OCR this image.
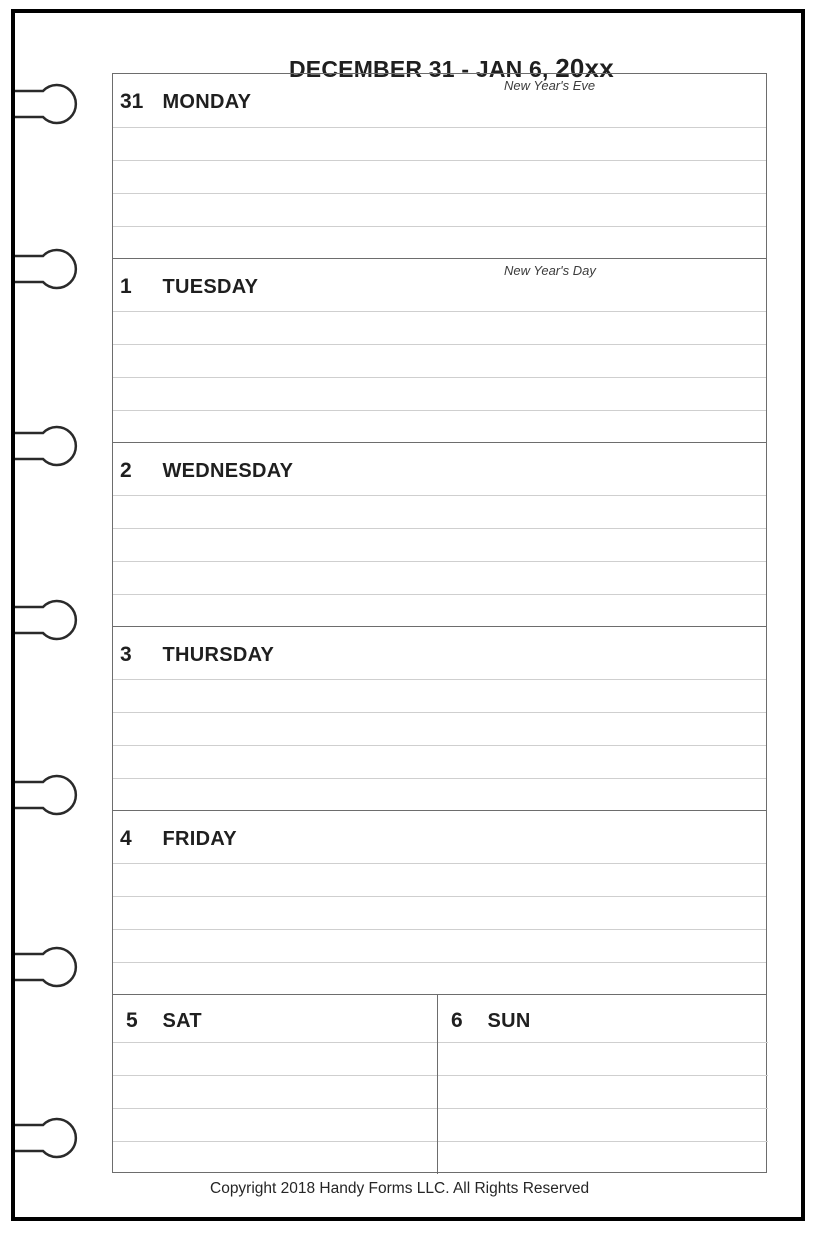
DECEMBER 31 - JAN 6, 20xx
31 MONDAY
New Year's Eve
1 TUESDAY
New Year's Day
2 WEDNESDAY
3 THURSDAY
4 FRIDAY
5 SAT	6 SUN
Copyright 2018 Handy Forms LLC. All Rights Reserved
